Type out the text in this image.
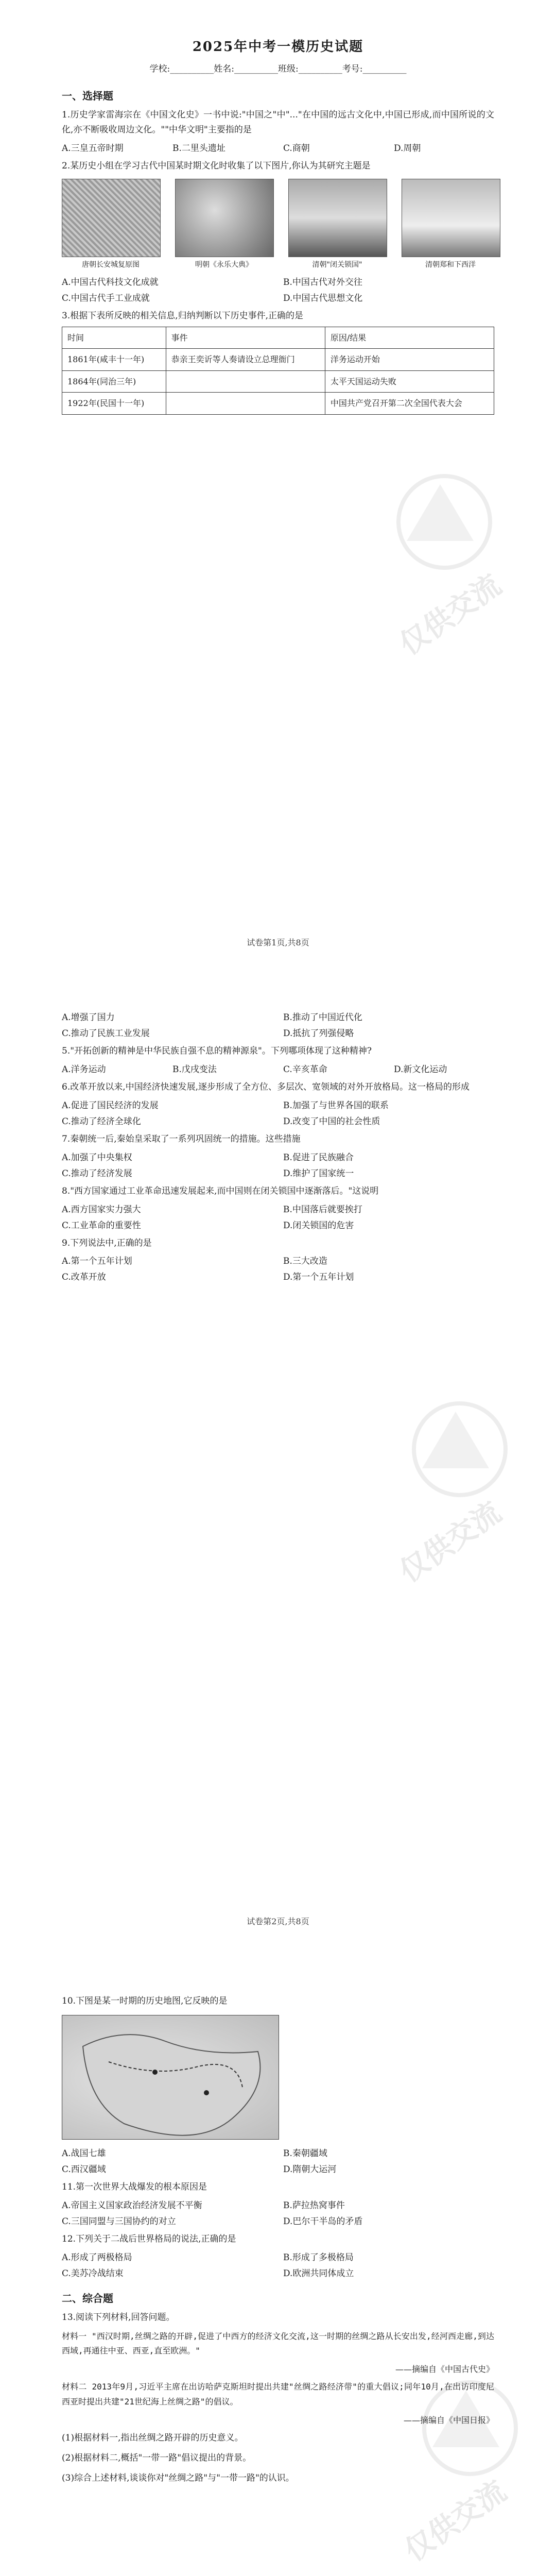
仅供交流
仅供交流
仅供交流
2025年中考一模历史试题
学校:__________姓名:__________班级:__________考号:__________
一、选择题
1.历史学家雷海宗在《中国文化史》一书中说:"中国之"中"..."在中国的远古文化中,中国已形成,而中国所说的文化,亦不断吸收周边文化。""中华文明"主要指的是
A.三皇五帝时期	B.二里头遗址	C.商朝	D.周朝
2.某历史小组在学习古代中国某时期文化时收集了以下图片,你认为其研究主题是
唐朝长安城复原图	明朝《永乐大典》	清朝"闭关锁国"	清朝郑和下西洋
A.中国古代科技文化成就	B.中国古代对外交往
C.中国古代手工业成就	D.中国古代思想文化
3.根据下表所反映的相关信息,归纳判断以下历史事件,正确的是
时间	事件	原因/结果
1861年(咸丰十一年)	恭亲王奕䜣等人奏请设立总理衙门	洋务运动开始
1864年(同治三年)		太平天国运动失败
1922年(民国十一年)		中国共产党召开第二次全国代表大会
试卷第1页,共8页
A.增强了国力	B.推动了中国近代化
C.推动了民族工业发展	D.抵抗了列强侵略
5."开拓创新的精神是中华民族自强不息的精神源泉"。下列哪项体现了这种精神?
A.洋务运动	B.戊戌变法	C.辛亥革命	D.新文化运动
6.改革开放以来,中国经济快速发展,逐步形成了全方位、多层次、宽领域的对外开放格局。这一格局的形成
A.促进了国民经济的发展	B.加强了与世界各国的联系
C.推动了经济全球化	D.改变了中国的社会性质
7.秦朝统一后,秦始皇采取了一系列巩固统一的措施。这些措施
A.加强了中央集权	B.促进了民族融合
C.推动了经济发展	D.维护了国家统一
8."西方国家通过工业革命迅速发展起来,而中国则在闭关锁国中逐渐落后。"这说明
A.西方国家实力强大	B.中国落后就要挨打
C.工业革命的重要性	D.闭关锁国的危害
9.下列说法中,正确的是
A.第一个五年计划	B.三大改造
C.改革开放	D.第一个五年计划
试卷第2页,共8页
10.下图是某一时期的历史地图,它反映的是
A.战国七雄	B.秦朝疆域
C.西汉疆域	D.隋朝大运河
11.第一次世界大战爆发的根本原因是
A.帝国主义国家政治经济发展不平衡	B.萨拉热窝事件
C.三国同盟与三国协约的对立	D.巴尔干半岛的矛盾
12.下列关于二战后世界格局的说法,正确的是
A.形成了两极格局	B.形成了多极格局
C.美苏冷战结束	D.欧洲共同体成立
二、综合题
13.阅读下列材料,回答问题。
材料一 "西汉时期,丝绸之路的开辟,促进了中西方的经济文化交流,这一时期的丝绸之路从长安出发,经河西走廊,到达西域,再通往中亚、西亚,直至欧洲。"
——摘编自《中国古代史》
材料二 2013年9月,习近平主席在出访哈萨克斯坦时提出共建"丝绸之路经济带"的重大倡议;同年10月,在出访印度尼西亚时提出共建"21世纪海上丝绸之路"的倡议。
——摘编自《中国日报》
(1)根据材料一,指出丝绸之路开辟的历史意义。
(2)根据材料二,概括"一带一路"倡议提出的背景。
(3)综合上述材料,谈谈你对"丝绸之路"与"一带一路"的认识。
